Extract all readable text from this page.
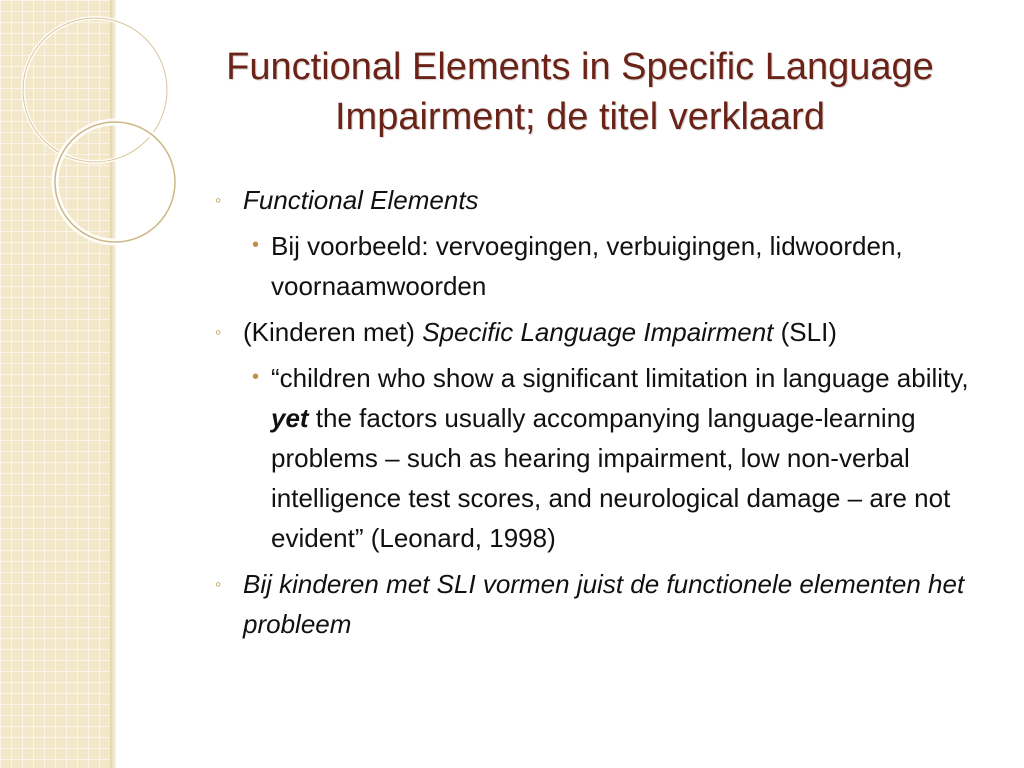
Functional Elements in Specific Language
Impairment; de titel verklaard
◦ Functional Elements
• Bij voorbeeld: vervoegingen, verbuigingen, lidwoorden, voornaamwoorden
◦ (Kinderen met) Specific Language Impairment (SLI)
• “children who show a significant limitation in language ability, yet the factors usually accompanying language-learning problems – such as hearing impairment, low non-verbal intelligence test scores, and neurological damage – are not evident” (Leonard, 1998)
◦ Bij kinderen met SLI vormen juist de functionele elementen het probleem
